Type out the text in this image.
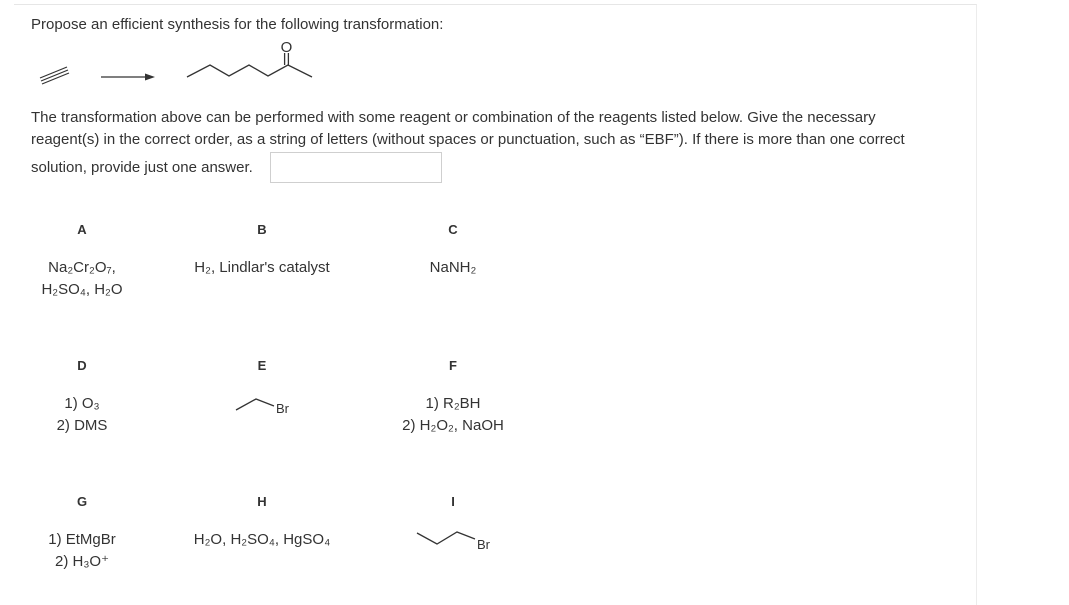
Propose an efficient synthesis for the following transformation:
O
The transformation above can be performed with some reagent or combination of the reagents listed below. Give the necessary
reagent(s) in the correct order, as a string of letters (without spaces or punctuation, such as “EBF”). If there is more than one correct
solution, provide just one answer.
A
Na₂Cr₂O₇,
H₂SO₄, H₂O
B
H₂, Lindlar's catalyst
C
NaNH₂
D
1) O₃
2) DMS
E
Br
F
1) R₂BH
2) H₂O₂, NaOH
G
1) EtMgBr
2) H₃O⁺
H
H₂O, H₂SO₄, HgSO₄
I
Br
